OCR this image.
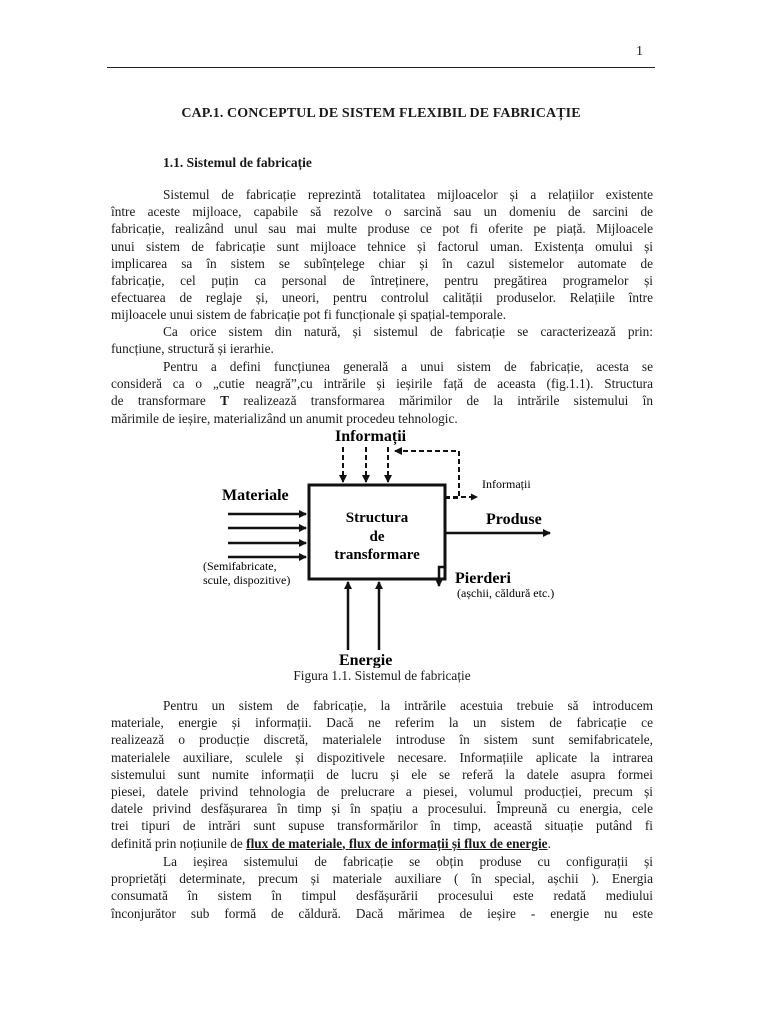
1
CAP.1. CONCEPTUL DE SISTEM FLEXIBIL DE FABRICAȚIE
1.1. Sistemul de fabricație
Sistemul de fabricație reprezintă totalitatea mijloacelor și a relațiilor existente
între aceste mijloace, capabile să rezolve o sarcină sau un domeniu de sarcini de
fabricație, realizând unul sau mai multe produse ce pot fi oferite pe piață. Mijloacele
unui sistem de fabricație sunt mijloace tehnice și factorul uman. Existența omului și
implicarea sa în sistem se subînțelege chiar și în cazul sistemelor automate de
fabricație, cel puțin ca personal de întreținere, pentru pregătirea programelor și
efectuarea de reglaje și, uneori, pentru controlul calității produselor. Relațiile între
mijloacele unui sistem de fabricație pot fi funcționale și spațial-temporale.
Ca orice sistem din natură, și sistemul de fabricație se caracterizează prin:
funcțiune, structură și ierarhie.
Pentru a defini funcțiunea generală a unui sistem de fabricație, acesta se
consideră ca o „cutie neagră”,cu intrările și ieșirile față de aceasta (fig.1.1). Structura
de transformare T realizează transformarea mărimilor de la intrările sistemului în
mărimile de ieșire, materializând un anumit procedeu tehnologic.
Structura
de
transformare
Informații
Informații
Produse
Materiale
(Semifabricate,
scule, dispozitive)	Pierderi
(așchii, căldură etc.)
Energie
Figura 1.1. Sistemul de fabricație
Pentru un sistem de fabricație, la intrările acestuia trebuie să introducem
materiale, energie și informații. Dacă ne referim la un sistem de fabricație ce
realizează o producție discretă, materialele introduse în sistem sunt semifabricatele,
materialele auxiliare, sculele și dispozitivele necesare. Informațiile aplicate la intrarea
sistemului sunt numite informații de lucru și ele se referă la datele asupra formei
piesei, datele privind tehnologia de prelucrare a piesei, volumul producției, precum și
datele privind desfășurarea în timp și în spațiu a procesului. Împreună cu energia, cele
trei tipuri de intrări sunt supuse transformărilor în timp, această situație putând fi
definită prin noțiunile de flux de materiale, flux de informații și flux de energie.
La ieșirea sistemului de fabricație se obțin produse cu configurații și
proprietăți determinate, precum și materiale auxiliare ( în special, așchii ). Energia
consumată în sistem în timpul desfășurării procesului este redată mediului
înconjurător sub formă de căldură. Dacă mărimea de ieșire - energie nu este
